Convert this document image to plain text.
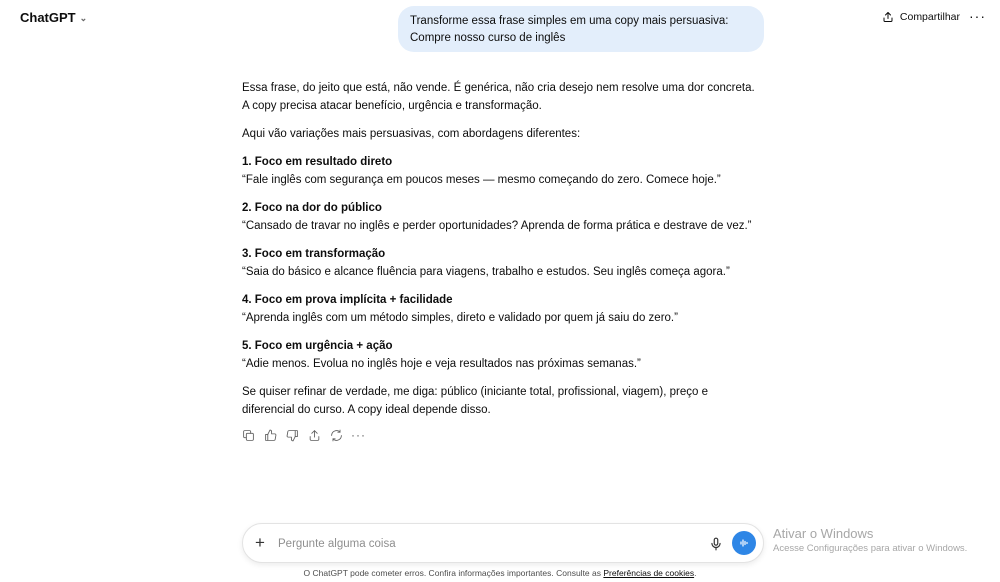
ChatGPT ⌄	Compartilhar ···
Transforme essa frase simples em uma copy mais persuasiva: Compre nosso curso de inglês

Essa frase, do jeito que está, não vende. É genérica, não cria desejo nem resolve uma dor concreta. A copy precisa atacar benefício, urgência e transformação.

Aqui vão variações mais persuasivas, com abordagens diferentes:

1. Foco em resultado direto

“Fale inglês com segurança em poucos meses — mesmo começando do zero. Comece hoje.”

2. Foco na dor do público

“Cansado de travar no inglês e perder oportunidades? Aprenda de forma prática e destrave de vez.”

3. Foco em transformação

“Saia do básico e alcance fluência para viagens, trabalho e estudos. Seu inglês começa agora.”

4. Foco em prova implícita + facilidade

“Aprenda inglês com um método simples, direto e validado por quem já saiu do zero.”

5. Foco em urgência + ação

“Adie menos. Evolua no inglês hoje e veja resultados nas próximas semanas.”

Se quiser refinar de verdade, me diga: público (iniciante total, profissional, viagem), preço e diferencial do curso. A copy ideal depende disso.

···
+
Pergunte alguma coisa
O ChatGPT pode cometer erros. Confira informações importantes. Consulte as Preferências de cookies.
Ativar o Windows
Acesse Configurações para ativar o Windows.
